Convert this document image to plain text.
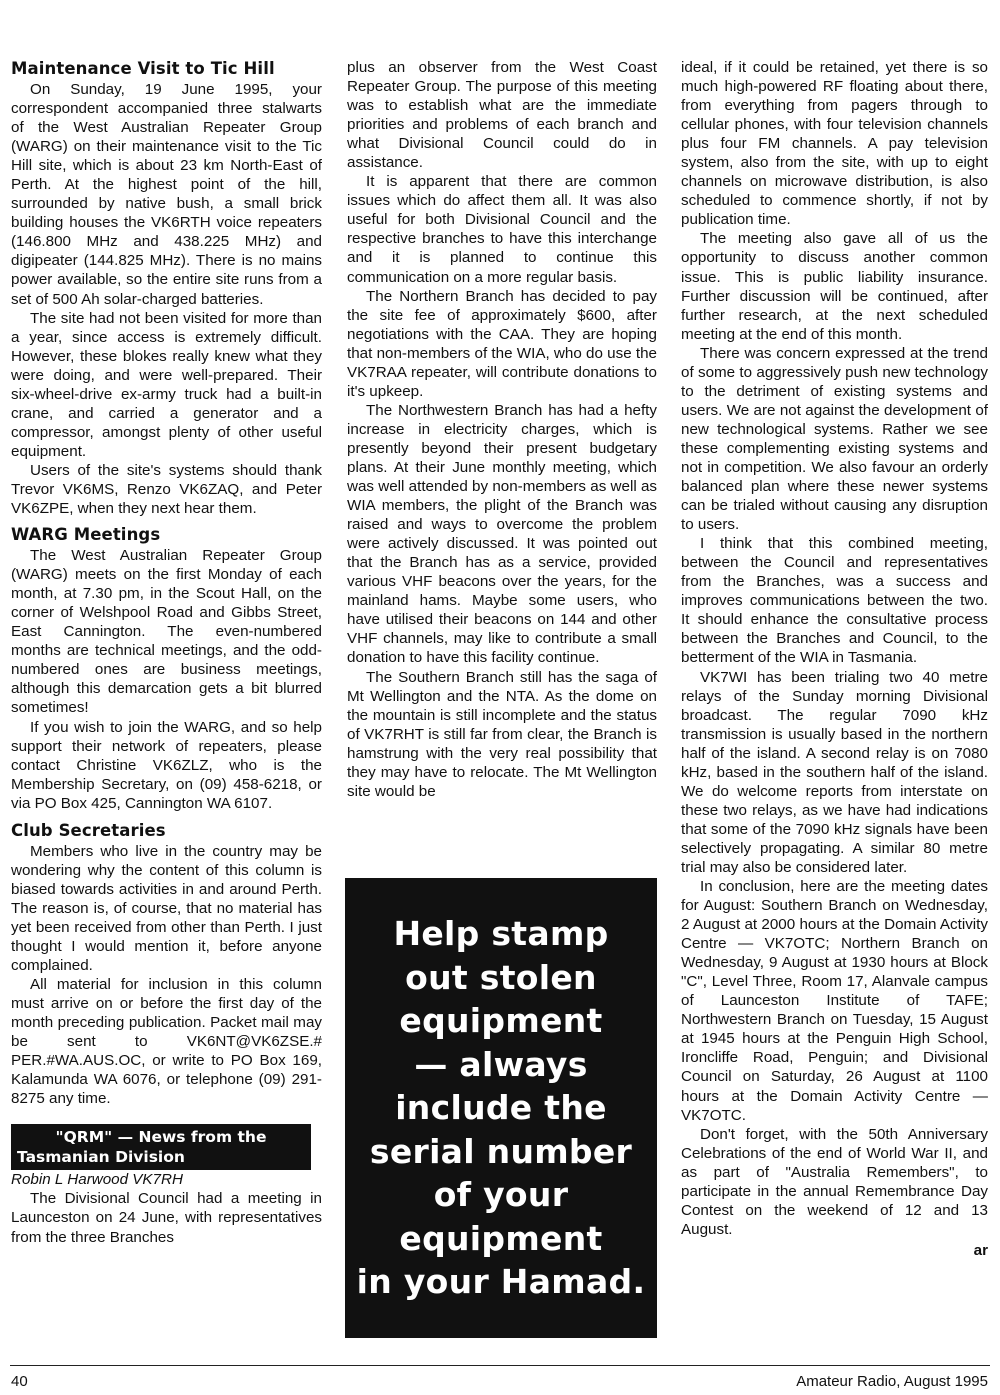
Maintenance Visit to Tic Hill

On Sunday, 19 June 1995, your correspondent accompanied three stalwarts of the West Australian Repeater Group (WARG) on their maintenance visit to the Tic Hill site, which is about 23 km North-East of Perth. At the highest point of the hill, surrounded by native bush, a small brick building houses the VK6RTH voice repeaters (146.800 MHz and 438.225 MHz) and digipeater (144.825 MHz). There is no mains power available, so the entire site runs from a set of 500 Ah solar-charged batteries.

The site had not been visited for more than a year, since access is extremely difficult. However, these blokes really knew what they were doing, and were well-prepared. Their six-wheel-drive ex-army truck had a built-in crane, and carried a generator and a compressor, amongst plenty of other useful equipment.

Users of the site's systems should thank Trevor VK6MS, Renzo VK6ZAQ, and Peter VK6ZPE, when they next hear them.

WARG Meetings

The West Australian Repeater Group (WARG) meets on the first Monday of each month, at 7.30 pm, in the Scout Hall, on the corner of Welshpool Road and Gibbs Street, East Cannington. The even-numbered months are technical meetings, and the odd-numbered ones are business meetings, although this demarcation gets a bit blurred sometimes!

If you wish to join the WARG, and so help support their network of repeaters, please contact Christine VK6ZLZ, who is the Membership Secretary, on (09) 458-6218, or via PO Box 425, Cannington WA 6107.

Club Secretaries

Members who live in the country may be wondering why the content of this column is biased towards activities in and around Perth. The reason is, of course, that no material has yet been received from other than Perth. I just thought I would mention it, before anyone complained.

All material for inclusion in this column must arrive on or before the first day of the month preceding publication. Packet mail may be sent to VK6NT@VK6ZSE.# PER.#WA.AUS.OC, or write to PO Box 169, Kalamunda WA 6076, or telephone (09) 291-8275 any time.

"QRM" — News from the
Tasmanian Division

Robin L Harwood VK7RH

The Divisional Council had a meeting in Launceston on 24 June, with representatives from the three Branches

plus an observer from the West Coast Repeater Group. The purpose of this meeting was to establish what are the immediate priorities and problems of each branch and what Divisional Council could do in assistance.

It is apparent that there are common issues which do affect them all. It was also useful for both Divisional Council and the respective branches to have this interchange and it is planned to continue this communication on a more regular basis.

The Northern Branch has decided to pay the site fee of approximately $600, after negotiations with the CAA. They are hoping that non-members of the WIA, who do use the VK7RAA repeater, will contribute donations to it's upkeep.

The Northwestern Branch has had a hefty increase in electricity charges, which is presently beyond their present budgetary plans. At their June monthly meeting, which was well attended by non-members as well as WIA members, the plight of the Branch was raised and ways to overcome the problem were actively discussed. It was pointed out that the Branch has as a service, provided various VHF beacons over the years, for the mainland hams. Maybe some users, who have utilised their beacons on 144 and other VHF channels, may like to contribute a small donation to have this facility continue.

The Southern Branch still has the saga of Mt Wellington and the NTA. As the dome on the mountain is still incomplete and the status of VK7RHT is still far from clear, the Branch is hamstrung with the very real possibility that they may have to relocate. The Mt Wellington site would be

Help stamp
out stolen
equipment
— always
include the
serial number
of your
equipment
in your Hamad.

ideal, if it could be retained, yet there is so much high-powered RF floating about there, from everything from pagers through to cellular phones, with four television channels plus four FM channels. A pay television system, also from the site, with up to eight channels on microwave distribution, is also scheduled to commence shortly, if not by publication time.

The meeting also gave all of us the opportunity to discuss another common issue. This is public liability insurance. Further discussion will be continued, after further research, at the next scheduled meeting at the end of this month.

There was concern expressed at the trend of some to aggressively push new technology to the detriment of existing systems and users. We are not against the development of new technological systems. Rather we see these complementing existing systems and not in competition. We also favour an orderly balanced plan where these newer systems can be trialed without causing any disruption to users.

I think that this combined meeting, between the Council and representatives from the Branches, was a success and improves communications between the two. It should enhance the consultative process between the Branches and Council, to the betterment of the WIA in Tasmania.

VK7WI has been trialing two 40 metre relays of the Sunday morning Divisional broadcast. The regular 7090 kHz transmission is usually based in the northern half of the island. A second relay is on 7080 kHz, based in the southern half of the island. We do welcome reports from interstate on these two relays, as we have had indications that some of the 7090 kHz signals have been selectively propagating. A similar 80 metre trial may also be considered later.

In conclusion, here are the meeting dates for August: Southern Branch on Wednesday, 2 August at 2000 hours at the Domain Activity Centre — VK7OTC; Northern Branch on Wednesday, 9 August at 1930 hours at Block "C", Level Three, Room 17, Alanvale campus of Launceston Institute of TAFE; Northwestern Branch on Tuesday, 15 August at 1945 hours at the Penguin High School, Ironcliffe Road, Penguin; and Divisional Council on Saturday, 26 August at 1100 hours at the Domain Activity Centre — VK7OTC.

Don't forget, with the 50th Anniversary Celebrations of the end of World War II, and as part of "Australia Remembers", to participate in the annual Remembrance Day Contest on the weekend of 12 and 13 August.

ar
40	Amateur Radio, August 1995
